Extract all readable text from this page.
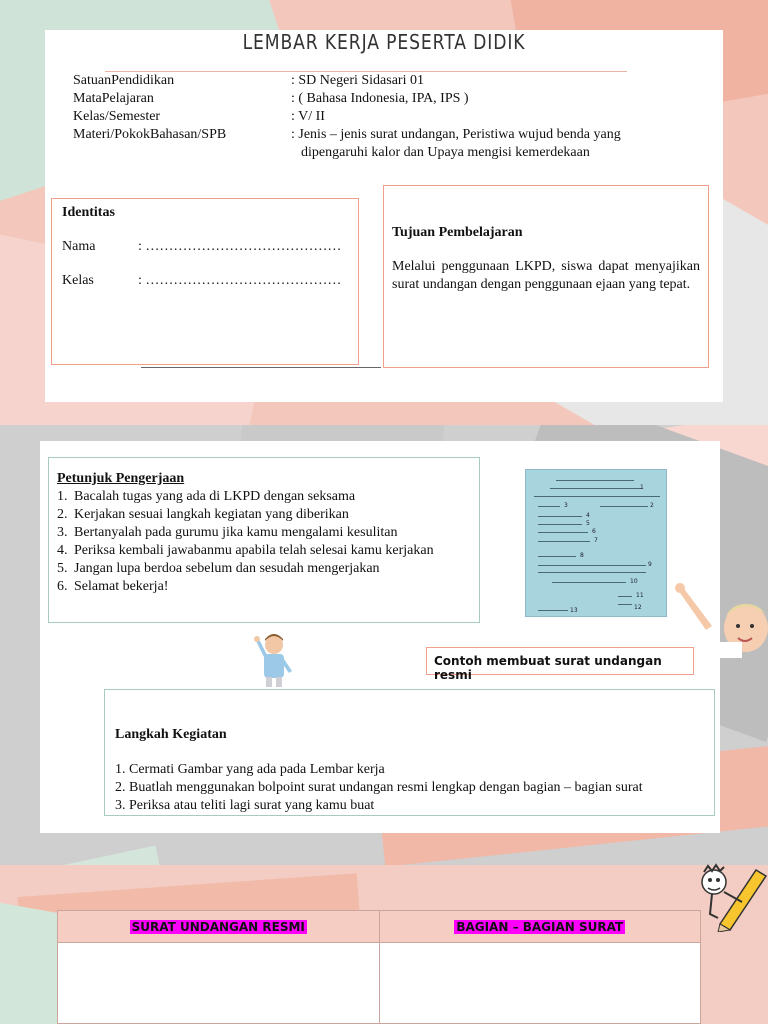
LEMBAR KERJA PESERTA DIDIK
SatuanPendidikan	: SD Negeri Sidasari 01
MataPelajaran	: ( Bahasa Indonesia, IPA, IPS )
Kelas/Semester	: V/ II
Materi/PokokBahasan/SPB	: Jenis – jenis surat undangan, Peristiwa wujud benda yang
dipengaruhi kalor dan Upaya mengisi kemerdekaan
Identitas
Nama	: ……………………………………
Kelas	: ……………………………………
Tujuan Pembelajaran
Melalui penggunaan LKPD, siswa dapat menyajikan surat undangan dengan penggunaan ejaan yang tepat.
Petunjuk Pengerjaan
1. Bacalah tugas yang ada di LKPD dengan seksama
2. Kerjakan sesuai langkah kegiatan yang diberikan
3. Bertanyalah pada gurumu jika kamu mengalami kesulitan
4. Periksa kembali jawabanmu apabila telah selesai kamu kerjakan
5. Jangan lupa berdoa sebelum dan sesudah mengerjakan
6. Selamat bekerja!
1
3	2
4
5
6
7
8
9
10
11
12
13
Contoh membuat surat undangan resmi
Langkah Kegiatan
1. Cermati Gambar yang ada pada Lembar kerja
2. Buatlah menggunakan bolpoint surat undangan resmi lengkap dengan bagian – bagian surat
3. Periksa atau teliti lagi surat yang kamu buat
SURAT UNDANGAN RESMI	BAGIAN – BAGIAN SURAT
